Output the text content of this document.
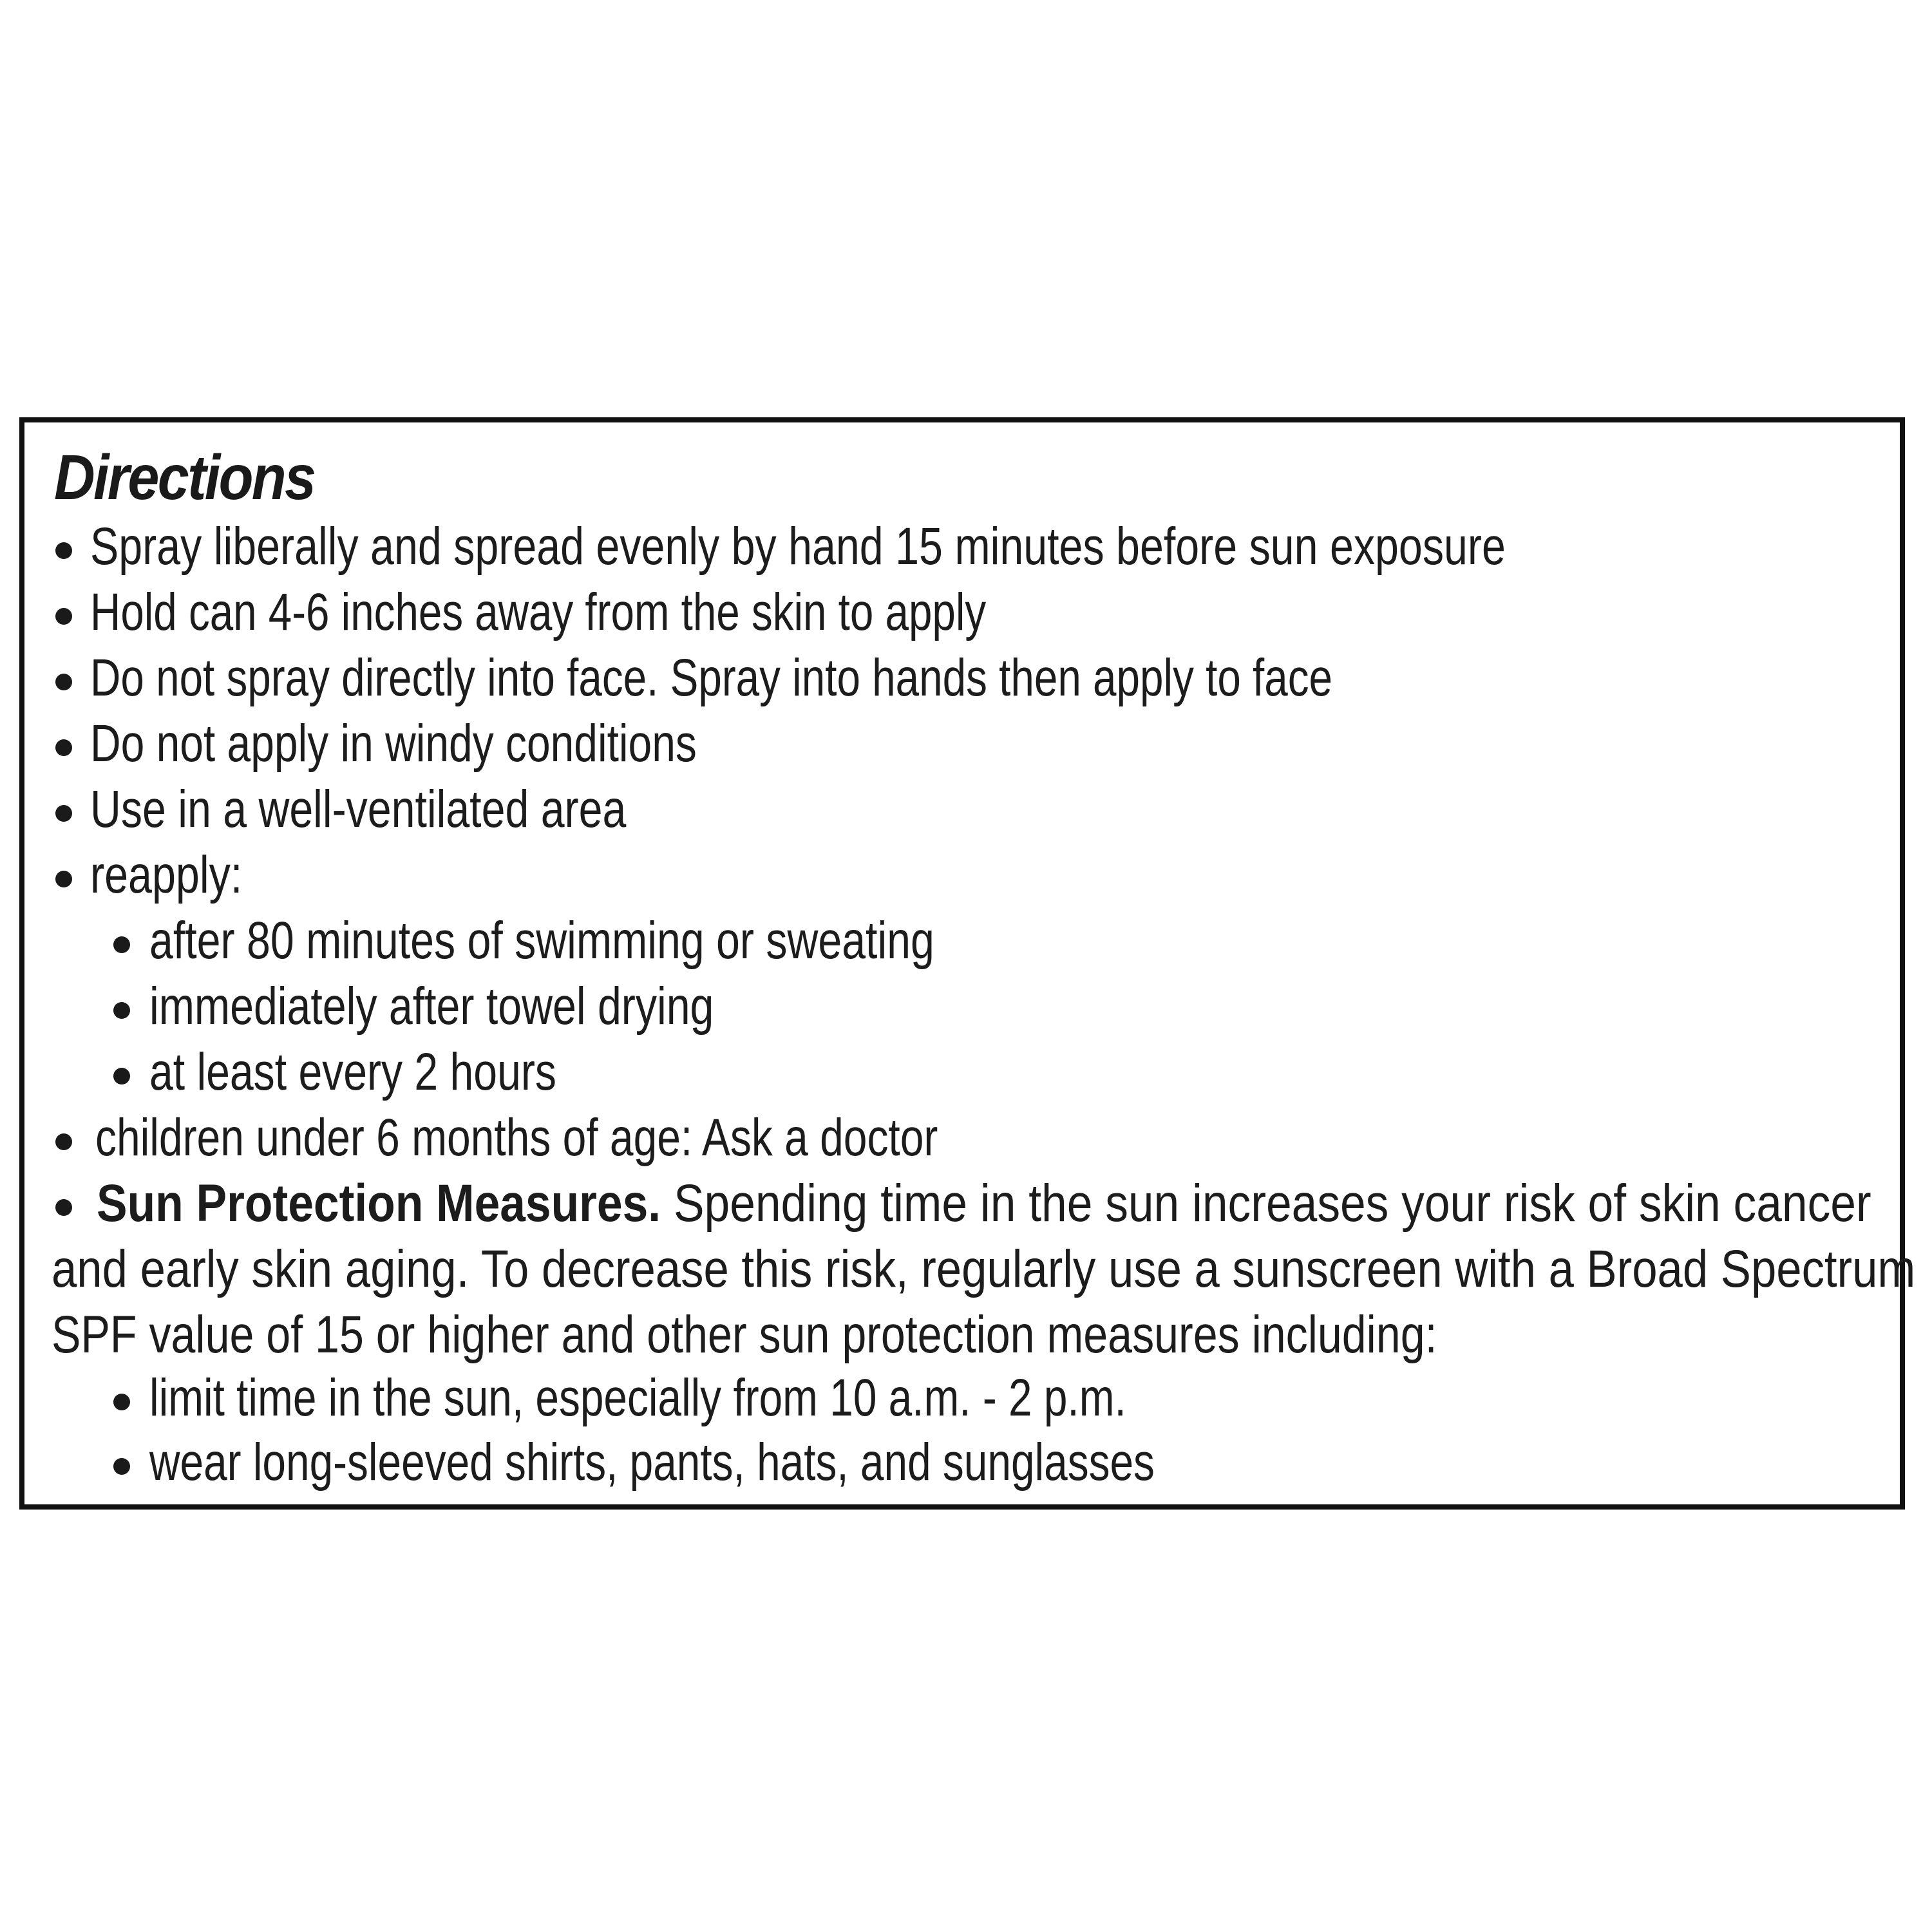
Directions
Spray liberally and spread evenly by hand 15 minutes before sun exposure
Hold can 4-6 inches away from the skin to apply
Do not spray directly into face. Spray into hands then apply to face
Do not apply in windy conditions
Use in a well-ventilated area
reapply:
after 80 minutes of swimming or sweating
immediately after towel drying
at least every 2 hours
children under 6 months of age: Ask a doctor
Sun Protection Measures. Spending time in the sun increases your risk of skin cancer
and early skin aging. To decrease this risk, regularly use a sunscreen with a Broad Spectrum
SPF value of 15 or higher and other sun protection measures including:
limit time in the sun, especially from 10 a.m. - 2 p.m.
wear long-sleeved shirts, pants, hats, and sunglasses
